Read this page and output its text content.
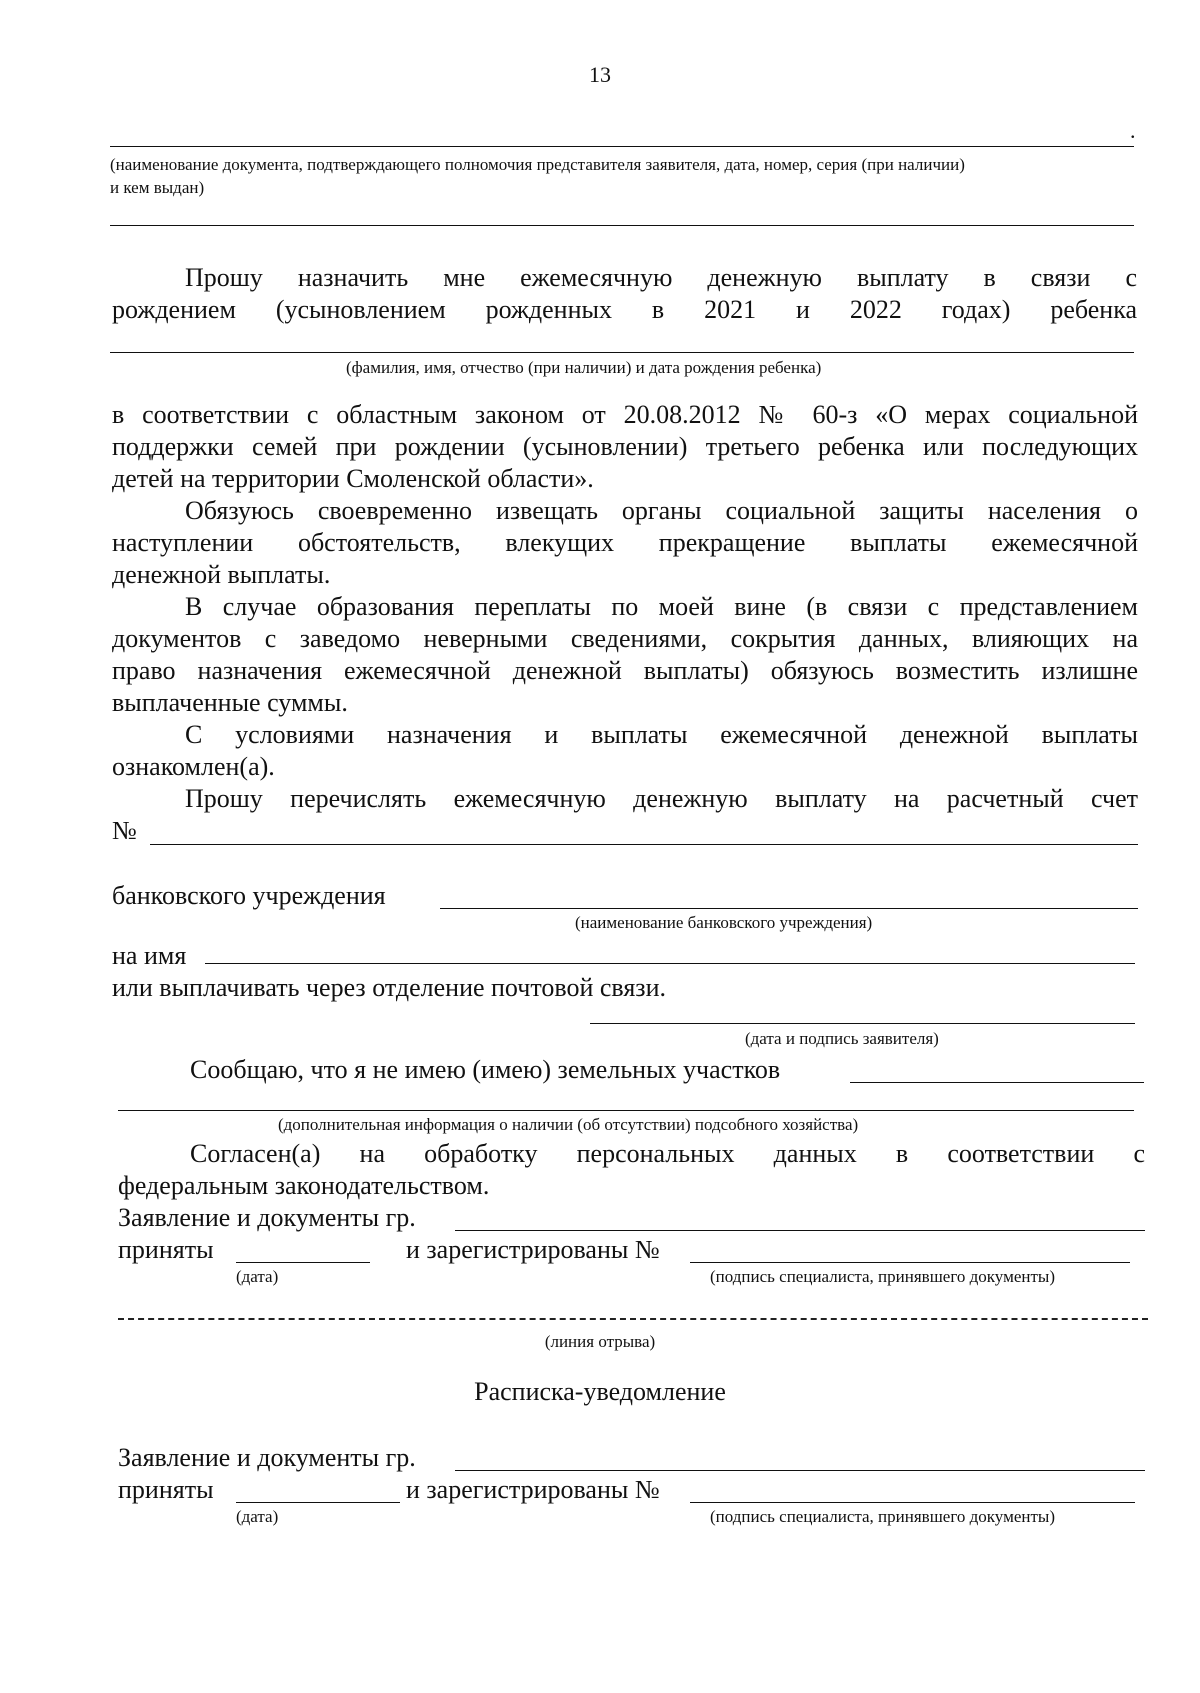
13
.
(наименование документа, подтверждающего полномочия представителя заявителя, дата, номер, серия (при наличии)
и кем выдан)
Прошу назначить мне ежемесячную денежную выплату в связи с
рождением (усыновлением рожденных в 2021 и 2022 годах) ребенка
(фамилия, имя, отчество (при наличии) и дата рождения ребенка)
в соответствии с областным законом от 20.08.2012 № 60-з «О мерах социальной
поддержки семей при рождении (усыновлении) третьего ребенка или последующих
детей на территории Смоленской области».
Обязуюсь своевременно извещать органы социальной защиты населения о
наступлении обстоятельств, влекущих прекращение выплаты ежемесячной
денежной выплаты.
В случае образования переплаты по моей вине (в связи с представлением
документов с заведомо неверными сведениями, сокрытия данных, влияющих на
право назначения ежемесячной денежной выплаты) обязуюсь возместить излишне
выплаченные суммы.
С условиями назначения и выплаты ежемесячной денежной выплаты
ознакомлен(а).
Прошу перечислять ежемесячную денежную выплату на расчетный счет
№
банковского учреждения
(наименование банковского учреждения)
на имя
или выплачивать через отделение почтовой связи.
(дата и подпись заявителя)
Сообщаю, что я не имею (имею) земельных участков
(дополнительная информация о наличии (об отсутствии) подсобного хозяйства)
Согласен(а) на обработку персональных данных в соответствии с
федеральным законодательством.
Заявление и документы гр.
приняты	и зарегистрированы №
(дата)	(подпись специалиста, принявшего документы)
(линия отрыва)
Расписка-уведомление
Заявление и документы гр.
приняты	и зарегистрированы №
(дата)	(подпись специалиста, принявшего документы)
